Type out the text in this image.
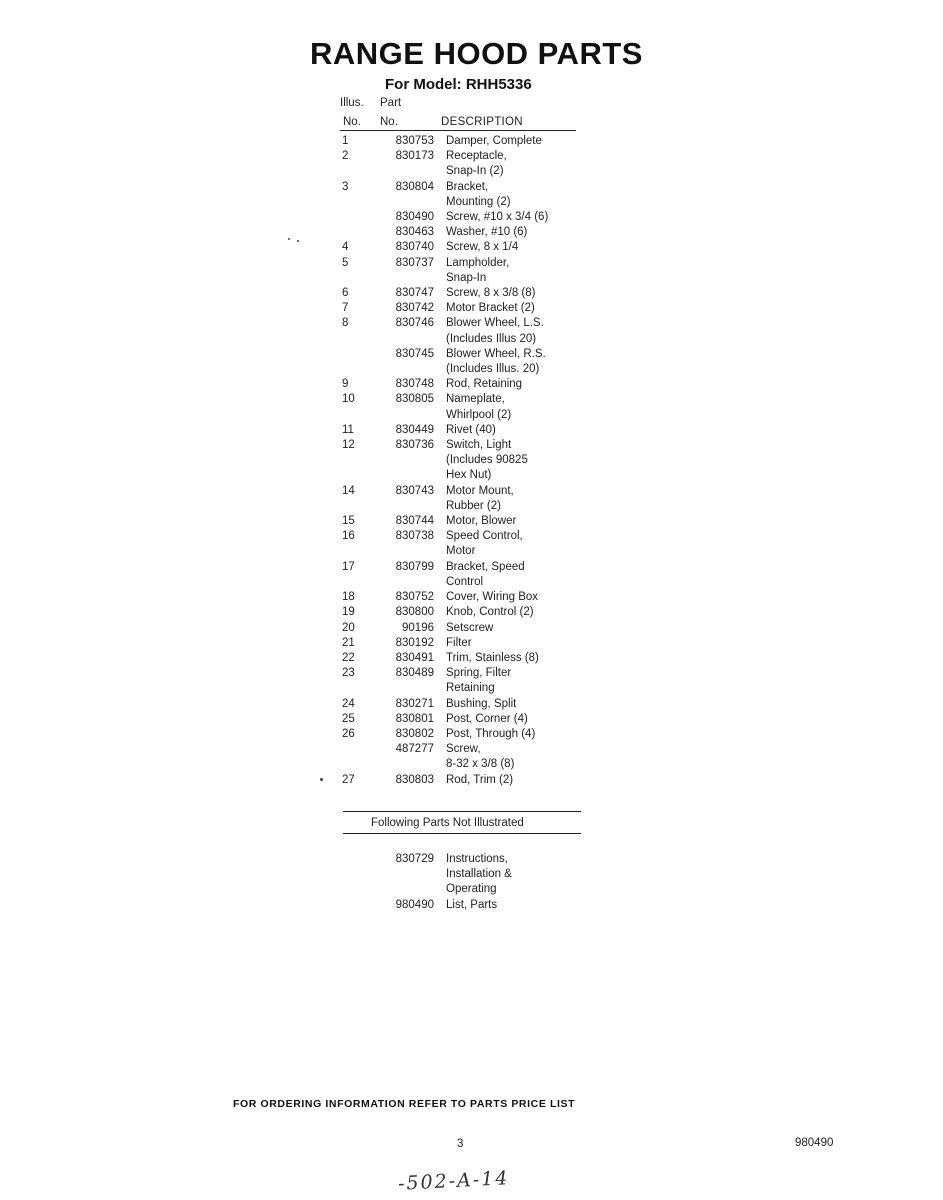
RANGE HOOD PARTS
For Model: RHH5336
Illus. Part
No. No.	DESCRIPTION
1	830753	Damper, Complete
2	830173	Receptacle,
Snap-In (2)
3	830804	Bracket,
Mounting (2)
830490	Screw, #10 x 3/4 (6)
830463	Washer, #10 (6)
4	830740	Screw, 8 x 1/4
5	830737	Lampholder,
Snap-In
6	830747	Screw, 8 x 3/8 (8)
7	830742	Motor Bracket (2)
8	830746	Blower Wheel, L.S.
(Includes Illus 20)
830745	Blower Wheel, R.S.
(Includes Illus. 20)
9	830748	Rod, Retaining
10	830805	Nameplate,
Whirlpool (2)
11	830449	Rivet (40)
12	830736	Switch, Light
(Includes 90825
Hex Nut)
14	830743	Motor Mount,
Rubber (2)
15	830744	Motor, Blower
16	830738	Speed Control,
Motor
17	830799	Bracket, Speed
Control
18	830752	Cover, Wiring Box
19	830800	Knob, Control (2)
20	90196	Setscrew
21	830192	Filter
22	830491	Trim, Stainless (8)
23	830489	Spring, Filter
Retaining
24	830271	Bushing, Split
25	830801	Post, Corner (4)
26	830802	Post, Through (4)
487277	Screw,
8-32 x 3/8 (8)
27	830803	Rod, Trim (2)
Following Parts Not Illustrated
830729	Instructions,
Installation &
Operating
980490	List, Parts
FOR ORDERING INFORMATION REFER TO PARTS PRICE LIST
3	980490
-502-A-14
